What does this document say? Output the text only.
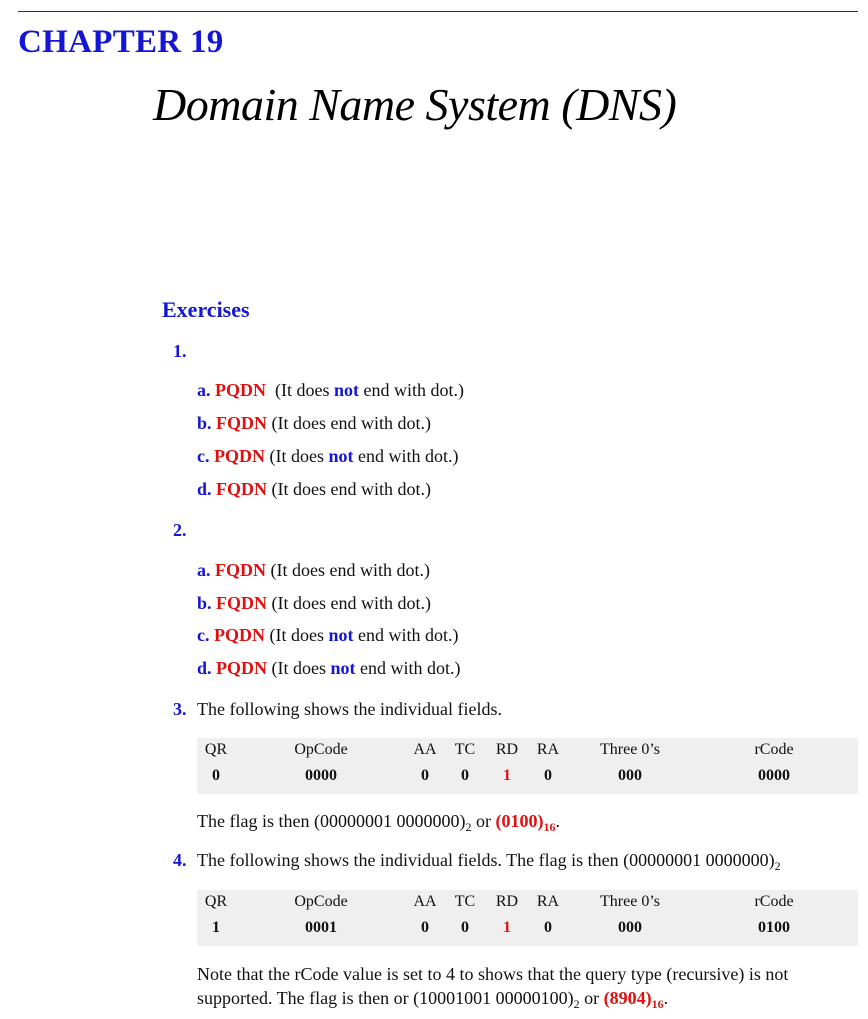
CHAPTER 19
Domain Name System (DNS)
Exercises
1.
a. PQDN (It does not end with dot.)
b. FQDN (It does end with dot.)
c. PQDN (It does not end with dot.)
d. FQDN (It does end with dot.)
2.
a. FQDN (It does end with dot.)
b. FQDN (It does end with dot.)
c. PQDN (It does not end with dot.)
d. PQDN (It does not end with dot.)
3. The following shows the individual fields.
QR	OpCode	AA TC RD RA	Three 0’s	rCode
0	0000	0 0 1 0	000	0000
The flag is then (00000001 $0000000)_2$ or $(0100)_{16}$.
4. The following shows the individual fields. The flag is then (00000001 $0000000)_2$
QR	OpCode	AA TC RD RA	Three 0’s	rCode
1	0001	0 0 1 0	000	0100
Note that the rCode value is set to 4 to shows that the query type (recursive) is not
supported. The flag is then or (10001001 $00000100)_2$ or $(8904)_{16}$.
